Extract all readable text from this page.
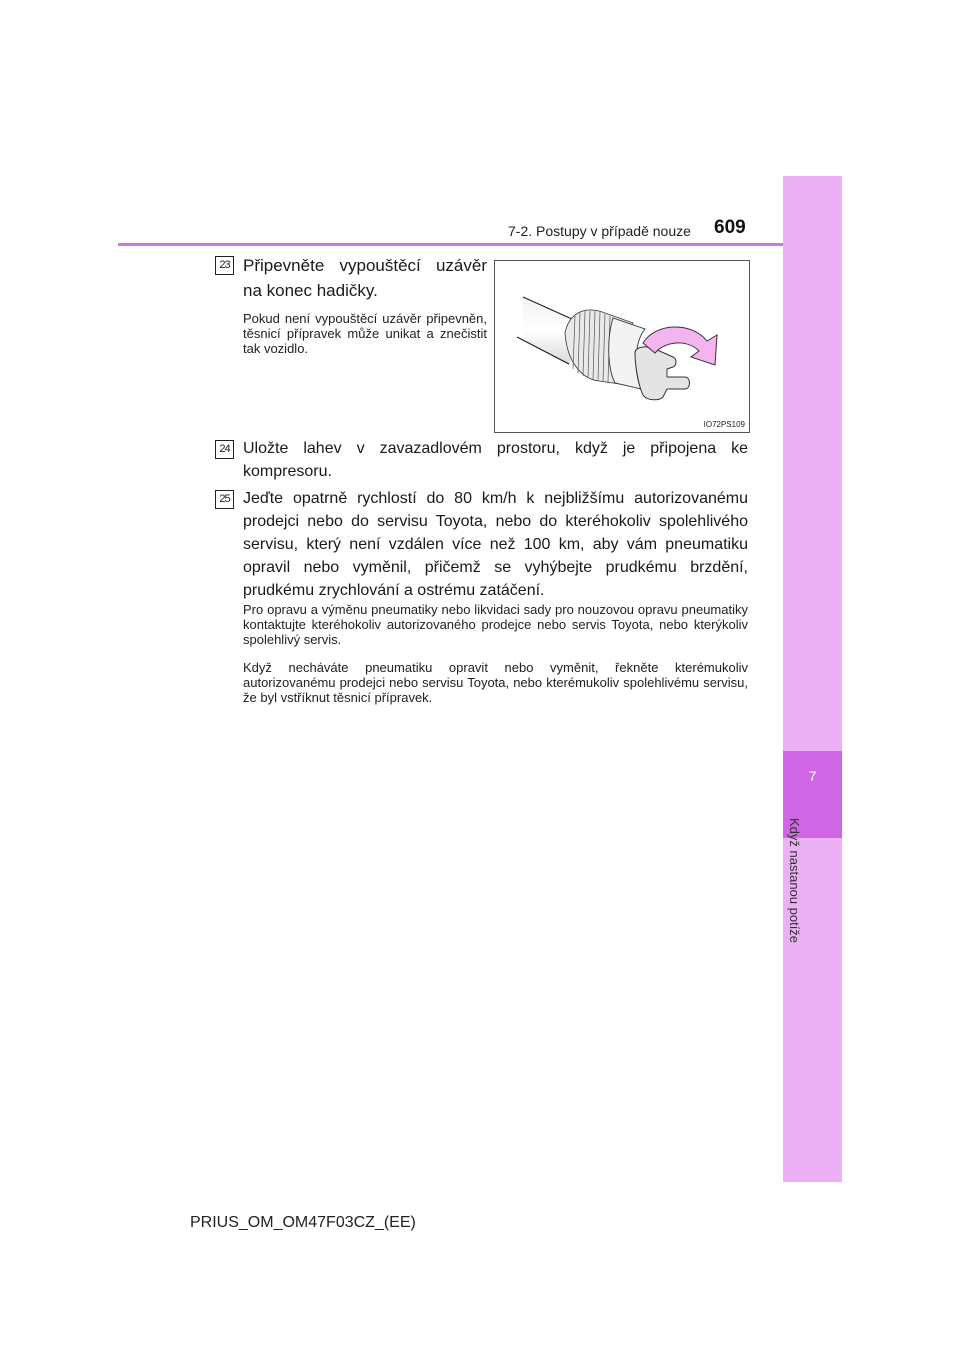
7
Když nastanou potíže
7-2. Postupy v případě nouze 609
23 Připevněte vypouštěcí uzávěr na konec hadičky.
Pokud není vypouštěcí uzávěr připevněn, těsnicí přípravek může unikat a znečistit tak vozidlo.
IO72PS109
24 Uložte lahev v zavazadlovém prostoru, když je připojena ke kompresoru.
25 Jeďte opatrně rychlostí do 80 km/h k nejbližšímu autorizovanému prodejci nebo do servisu Toyota, nebo do kteréhokoliv spolehlivého servisu, který není vzdálen více než 100 km, aby vám pneumatiku opravil nebo vyměnil, přičemž se vyhýbejte prudkému brzdění, prudkému zrychlování a ostrému zatáčení.
Pro opravu a výměnu pneumatiky nebo likvidaci sady pro nouzovou opravu pneumatiky kontaktujte kteréhokoliv autorizovaného prodejce nebo servis Toyota, nebo kterýkoliv spolehlivý servis.
Když necháváte pneumatiku opravit nebo vyměnit, řekněte kterémukoliv autorizovanému prodejci nebo servisu Toyota, nebo kterémukoliv spolehlivému servisu, že byl vstříknut těsnicí přípravek.
PRIUS_OM_OM47F03CZ_(EE)
